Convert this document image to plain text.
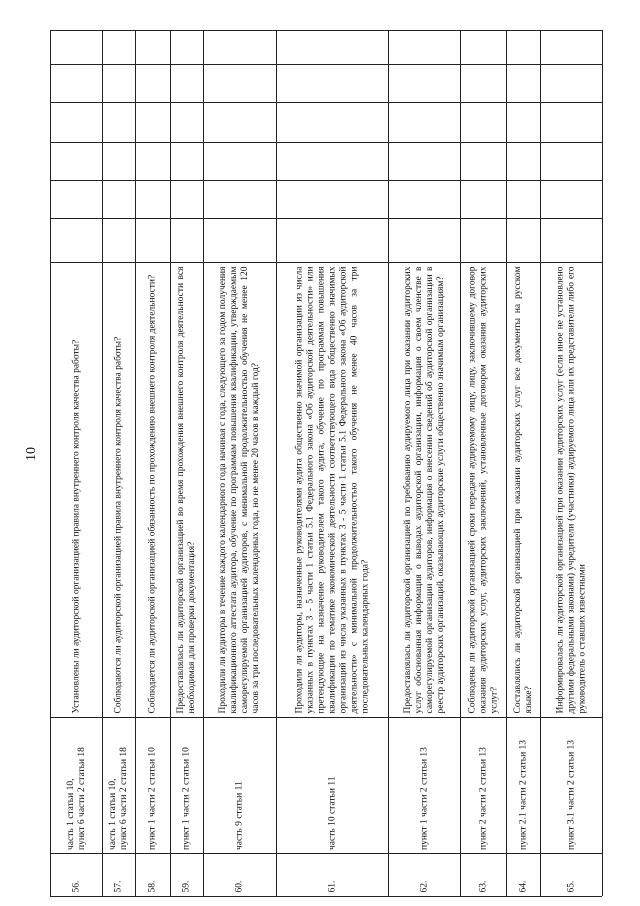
10
56.
часть 1 статьи 10,
пункт 6 части 2 статьи 18
Установлены ли аудиторской организацией правила внутреннего контроля качества работы?
57.
часть 1 статьи 10,
пункт 6 части 2 статьи 18
Соблюдаются ли аудиторской организацией правила внутреннего контроля качества работы?
58.
пункт 1 части 2 статьи 10
Соблюдается ли аудиторской организацией обязанность по прохождению внешнего контроля деятельности?
59.
пункт 1 части 2 статьи 10
Предоставлялась ли аудиторской организацией во время прохождения внешнего контроля деятельности вся необходимая для проверки документация?
60.
часть 9 статьи 11
Проходили ли аудиторы в течение каждого календарного года начиная с года, следующего за годом получения квалификационного аттестата аудитора, обучение по программам повышения квалификации, утверждаемым саморегулируемой организацией аудиторов, с минимальной продолжительностью обучения не менее 120 часов за три последовательных календарных года, но не менее 20 часов в каждый год?
61.
часть 10 статьи 11
Проходили ли аудиторы, назначенные руководителями аудита общественно значимой организации из числа указанных в пунктах 3 - 5 части 1 статьи 5.1 Федерального закона «Об аудиторской деятельности» или претендующие на назначение руководителем такого аудита, обучение по программам повышения квалификации по тематике экономической деятельности соответствующего вида общественно значимых организаций из числа указанных в пунктах 3 - 5 части 1 статьи 5.1 Федерального закона «Об аудиторской деятельности» с минимальной продолжительностью такого обучения не менее 40 часов за три последовательных календарных года?
62.
пункт 1 части 2 статьи 13
Предоставлялась ли аудиторской организацией по требованию аудируемого лица при оказании аудиторских услуг обоснованная информация о выводах аудиторской организации, информация о своем членстве в саморегулируемой организации аудиторов, информация о внесении сведений об аудиторской организации в реестр аудиторских организаций, оказывающих аудиторские услуги общественно значимым организациям?
63.
пункт 2 части 2 статьи 13
Соблюдены ли аудиторской организацией сроки передачи аудируемому лицу, лицу, заключившему договор оказания аудиторских услуг, аудиторских заключений, установленные договором оказания аудиторских услуг?
64.
пункт 2.1 части 2 статьи 13
Составлялись ли аудиторской организацией при оказании аудиторских услуг все документы на русском языке?
65.
пункт 3.1 части 2 статьи 13
Информировалась ли аудиторской организацией при оказании аудиторских услуг (если иное не установлено другими федеральными законами) учредители (участники) аудируемого лица или их представители либо его руководитель о ставших известными
